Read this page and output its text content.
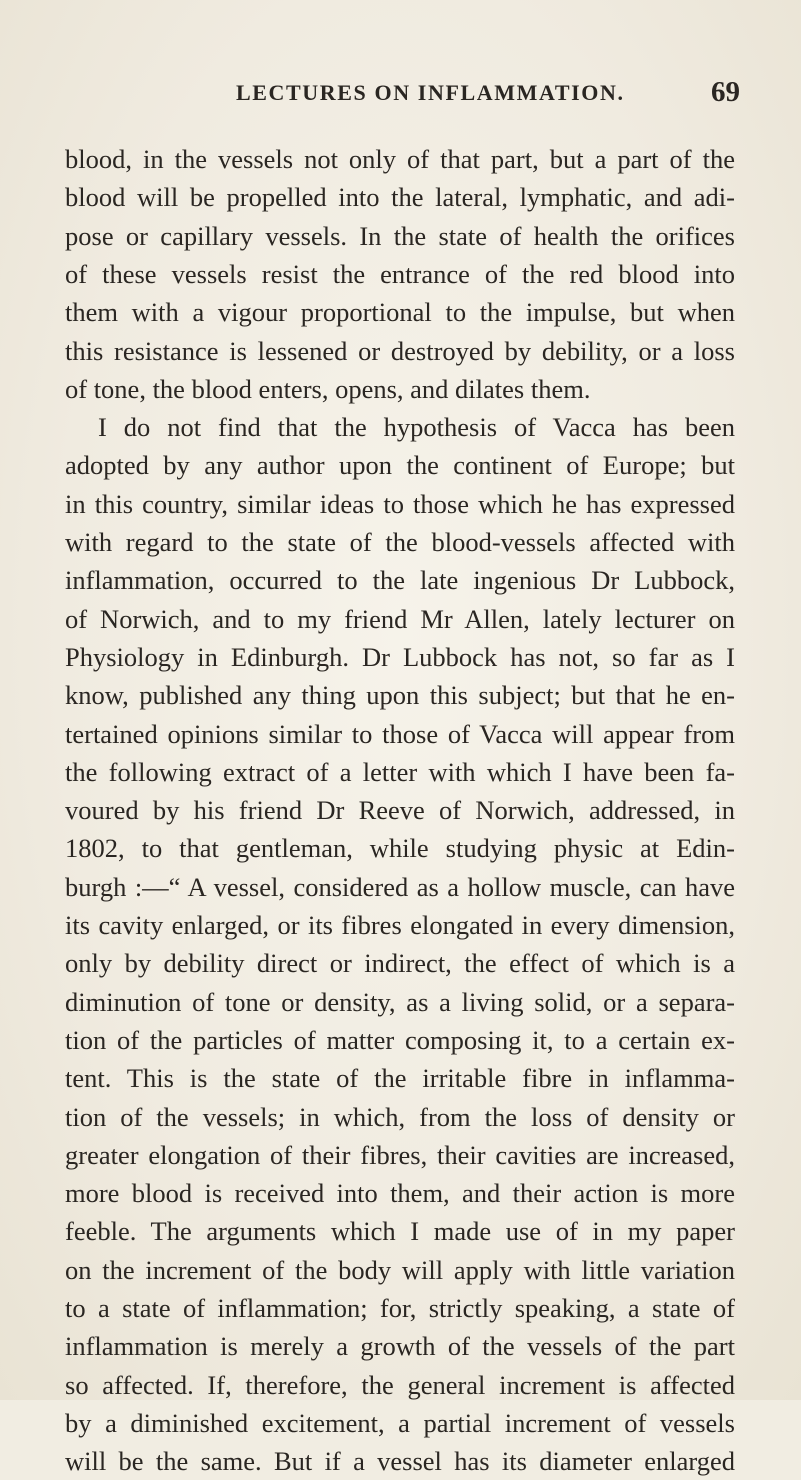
LECTURES ON INFLAMMATION.	69
blood, in the vessels not only of that part, but a part of the
blood will be propelled into the lateral, lymphatic, and adi-
pose or capillary vessels. In the state of health the orifices
of these vessels resist the entrance of the red blood into
them with a vigour proportional to the impulse, but when
this resistance is lessened or destroyed by debility, or a loss
of tone, the blood enters, opens, and dilates them.
I do not find that the hypothesis of Vacca has been
adopted by any author upon the continent of Europe; but
in this country, similar ideas to those which he has expressed
with regard to the state of the blood-vessels affected with
inflammation, occurred to the late ingenious Dr Lubbock,
of Norwich, and to my friend Mr Allen, lately lecturer on
Physiology in Edinburgh. Dr Lubbock has not, so far as I
know, published any thing upon this subject; but that he en-
tertained opinions similar to those of Vacca will appear from
the following extract of a letter with which I have been fa-
voured by his friend Dr Reeve of Norwich, addressed, in
1802, to that gentleman, while studying physic at Edin-
burgh :—“ A vessel, considered as a hollow muscle, can have
its cavity enlarged, or its fibres elongated in every dimension,
only by debility direct or indirect, the effect of which is a
diminution of tone or density, as a living solid, or a separa-
tion of the particles of matter composing it, to a certain ex-
tent. This is the state of the irritable fibre in inflamma-
tion of the vessels; in which, from the loss of density or
greater elongation of their fibres, their cavities are increased,
more blood is received into them, and their action is more
feeble. The arguments which I made use of in my paper
on the increment of the body will apply with little variation
to a state of inflammation; for, strictly speaking, a state of
inflammation is merely a growth of the vessels of the part
so affected. If, therefore, the general increment is affected
by a diminished excitement, a partial increment of vessels
will be the same. But if a vessel has its diameter enlarged
